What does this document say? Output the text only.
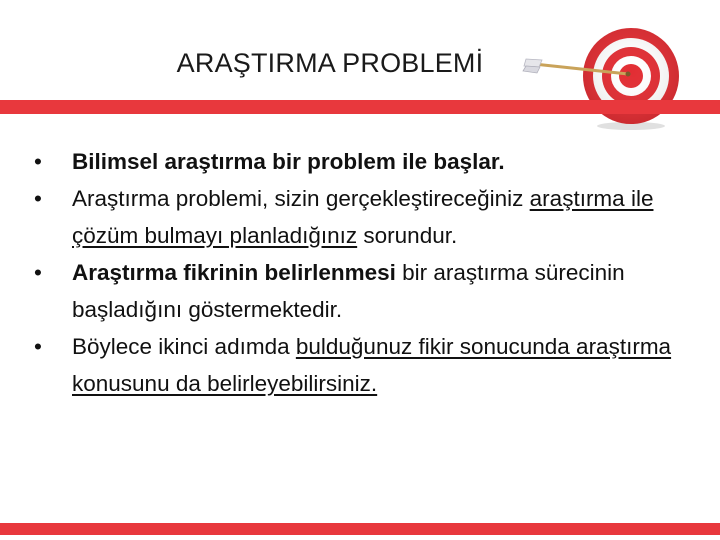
ARAŞTIRMA PROBLEMİ
• Bilimsel araştırma bir problem ile başlar.
• Araştırma problemi, sizin gerçekleştireceğiniz araştırma ile çözüm bulmayı planladığınız sorundur.
• Araştırma fikrinin belirlenmesi bir araştırma sürecinin başladığını göstermektedir.
• Böylece ikinci adımda bulduğunuz fikir sonucunda araştırma konusunu da belirleyebilirsiniz.
